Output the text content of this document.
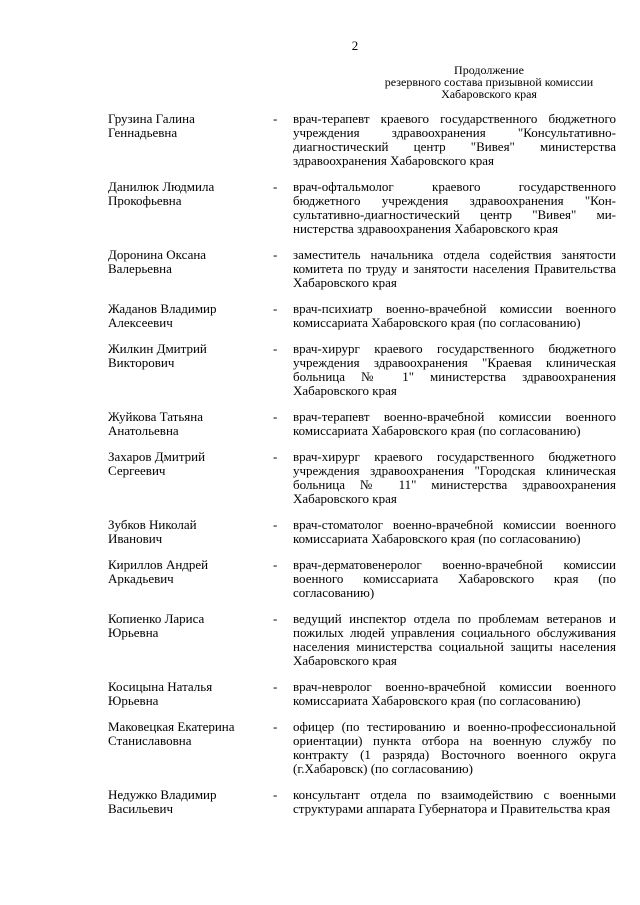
2
Продолжение
резервного состава призывной комиссии
Хабаровского края
Грузина Галина
Геннадьевна
-	врач-терапевт краевого государственного бюджетного учреждения здравоохранения "Консультативно-диагностический центр "Вивея" министерства здравоохранения Хабаровского края
Данилюк Людмила
Прокофьевна
-	врач-офтальмолог краевого государственного бюджетного учреждения здравоохранения "Консультативно-диагностический центр "Вивея" министерства здравоохранения Хабаровского края
Доронина Оксана
Валерьевна
-	заместитель начальника отдела содействия занятости комитета по труду и занятости населения Правительства Хабаровского края
Жаданов Владимир
Алексеевич
-	врач-психиатр военно-врачебной комиссии военного комиссариата Хабаровского края (по согласованию)
Жилкин Дмитрий
Викторович
-	врач-хирург краевого государственного бюджетного учреждения здравоохранения "Краевая клиническая больница № 1" министерства здравоохранения Хабаровского края
Жуйкова Татьяна
Анатольевна
-	врач-терапевт военно-врачебной комиссии военного комиссариата Хабаровского края (по согласованию)
Захаров Дмитрий
Сергеевич
-	врач-хирург краевого государственного бюджетного учреждения здравоохранения "Городская клиническая больница № 11" министерства здравоохранения Хабаровского края
Зубков Николай
Иванович
-	врач-стоматолог военно-врачебной комиссии военного комиссариата Хабаровского края (по согласованию)
Кириллов Андрей
Аркадьевич
-	врач-дерматовенеролог военно-врачебной комиссии военного комиссариата Хабаровского края (по согласованию)
Копиенко Лариса
Юрьевна
-	ведущий инспектор отдела по проблемам ветеранов и пожилых людей управления социального обслуживания населения министерства социальной защиты населения Хабаровского края
Косицына Наталья
Юрьевна
-	врач-невролог военно-врачебной комиссии военного комиссариата Хабаровского края (по согласованию)
Маковецкая Екатерина
Станиславовна
-	офицер (по тестированию и военно-профессиональной ориентации) пункта отбора на военную службу по контракту (1 разряда) Восточного военного округа (г.Хабаровск) (по согласованию)
Недужко Владимир
Васильевич
-	консультант отдела по взаимодействию с военными структурами аппарата Губернатора и Правительства края
